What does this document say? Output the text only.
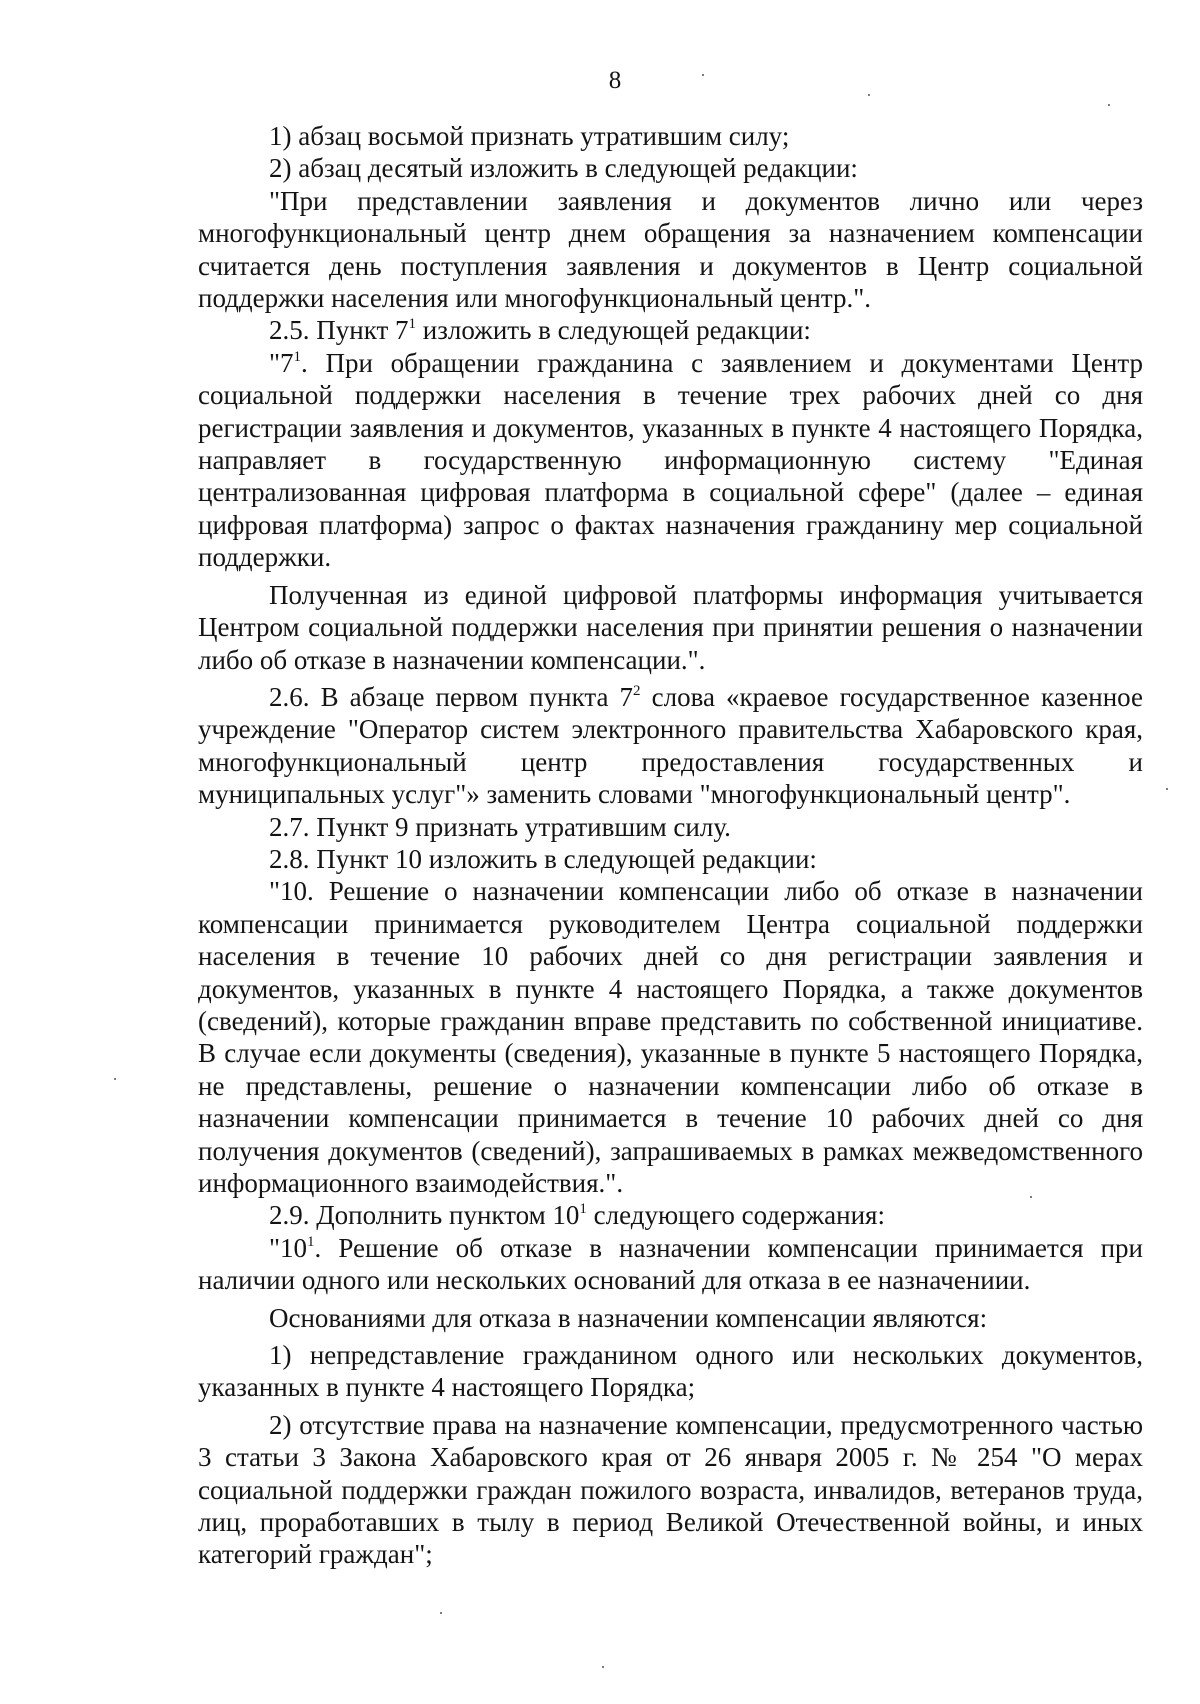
8

1) абзац восьмой признать утратившим силу;

2) абзац десятый изложить в следующей редакции:

"При представлении заявления и документов лично или через многофункциональный центр днем обращения за назначением компенсации считается день поступления заявления и документов в Центр социальной поддержки населения или многофункциональный центр.".

2.5. Пункт $7^1$ изложить в следующей редакции:

"$7^1$. При обращении гражданина с заявлением и документами Центр социальной поддержки населения в течение трех рабочих дней со дня регистрации заявления и документов, указанных в пункте 4 настоящего Порядка, направляет в государственную информационную систему "Единая централизованная цифровая платформа в социальной сфере" (далее – единая цифровая платформа) запрос о фактах назначения гражданину мер социальной поддержки.

Полученная из единой цифровой платформы информация учитывается Центром социальной поддержки населения при принятии решения о назначении либо об отказе в назначении компенсации.".

2.6. В абзаце первом пункта $7^2$ слова «краевое государственное казенное учреждение "Оператор систем электронного правительства Хабаровского края, многофункциональный центр предоставления государственных и муниципальных услуг"» заменить словами "многофункциональный центр".

2.7. Пункт 9 признать утратившим силу.

2.8. Пункт 10 изложить в следующей редакции:

"10. Решение о назначении компенсации либо об отказе в назначении компенсации принимается руководителем Центра социальной поддержки населения в течение 10 рабочих дней со дня регистрации заявления и документов, указанных в пункте 4 настоящего Порядка, а также документов (сведений), которые гражданин вправе представить по собственной инициативе. В случае если документы (сведения), указанные в пункте 5 настоящего Порядка, не представлены, решение о назначении компенсации либо об отказе в назначении компенсации принимается в течение 10 рабочих дней со дня получения документов (сведений), запрашиваемых в рамках межведомственного информационного взаимодействия.".

2.9. Дополнить пунктом $10^1$ следующего содержания:

"$10^1$. Решение об отказе в назначении компенсации принимается при наличии одного или нескольких оснований для отказа в ее назначениии.

Основаниями для отказа в назначении компенсации являются:

1) непредставление гражданином одного или нескольких документов, указанных в пункте 4 настоящего Порядка;

2) отсутствие права на назначение компенсации, предусмотренного частью 3 статьи 3 Закона Хабаровского края от 26 января 2005 г. № 254 "О мерах социальной поддержки граждан пожилого возраста, инвалидов, ветеранов труда, лиц, проработавших в тылу в период Великой Отечественной войны, и иных категорий граждан";
